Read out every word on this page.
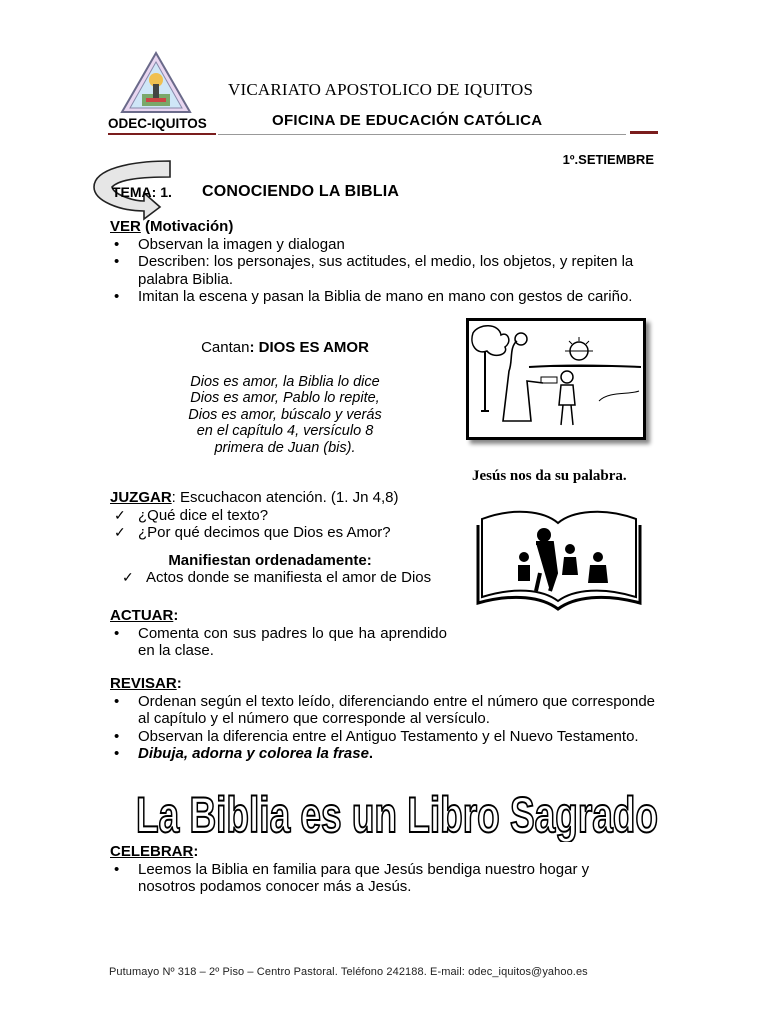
VICARIATO APOSTOLICO DE IQUITOS
ODEC-IQUITOS	OFICINA DE EDUCACIÓN CATÓLICA
1º.SETIEMBRE
TEMA: 1. CONOCIENDO LA BIBLIA
VER (Motivación)
• Observan la imagen y dialogan
• Describen: los personajes, sus actitudes, el medio, los objetos, y repiten la palabra Biblia.
• Imitan la escena y pasan la Biblia de mano en mano con gestos de cariño.
Cantan: DIOS ES AMOR
Dios es amor, la Biblia lo dice
Dios es amor, Pablo lo repite,
Dios es amor, búscalo y verás
en el capítulo 4, versículo 8
primera de Juan (bis).
Jesús nos da su palabra.
JUZGAR: Escuchacon atención. (1. Jn 4,8)
✓ ¿Qué dice el texto?
✓ ¿Por qué decimos que Dios es Amor?
Manifiestan ordenadamente:
✓ Actos donde se manifiesta el amor de Dios
ACTUAR:
• Comenta con sus padres lo que ha aprendido en la clase.
REVISAR:
• Ordenan según el texto leído, diferenciando entre el número que corresponde al capítulo y el número que corresponde al versículo.
• Observan la diferencia entre el Antiguo Testamento y el Nuevo Testamento.
• Dibuja, adorna y colorea la frase.
La Biblia es un Libro Sagrado
CELEBRAR:
• Leemos la Biblia en familia para que Jesús bendiga nuestro hogar y nosotros podamos conocer más a Jesús.
Putumayo Nº 318 – 2º Piso – Centro Pastoral. Teléfono 242188. E-mail: odec_iquitos@yahoo.es
